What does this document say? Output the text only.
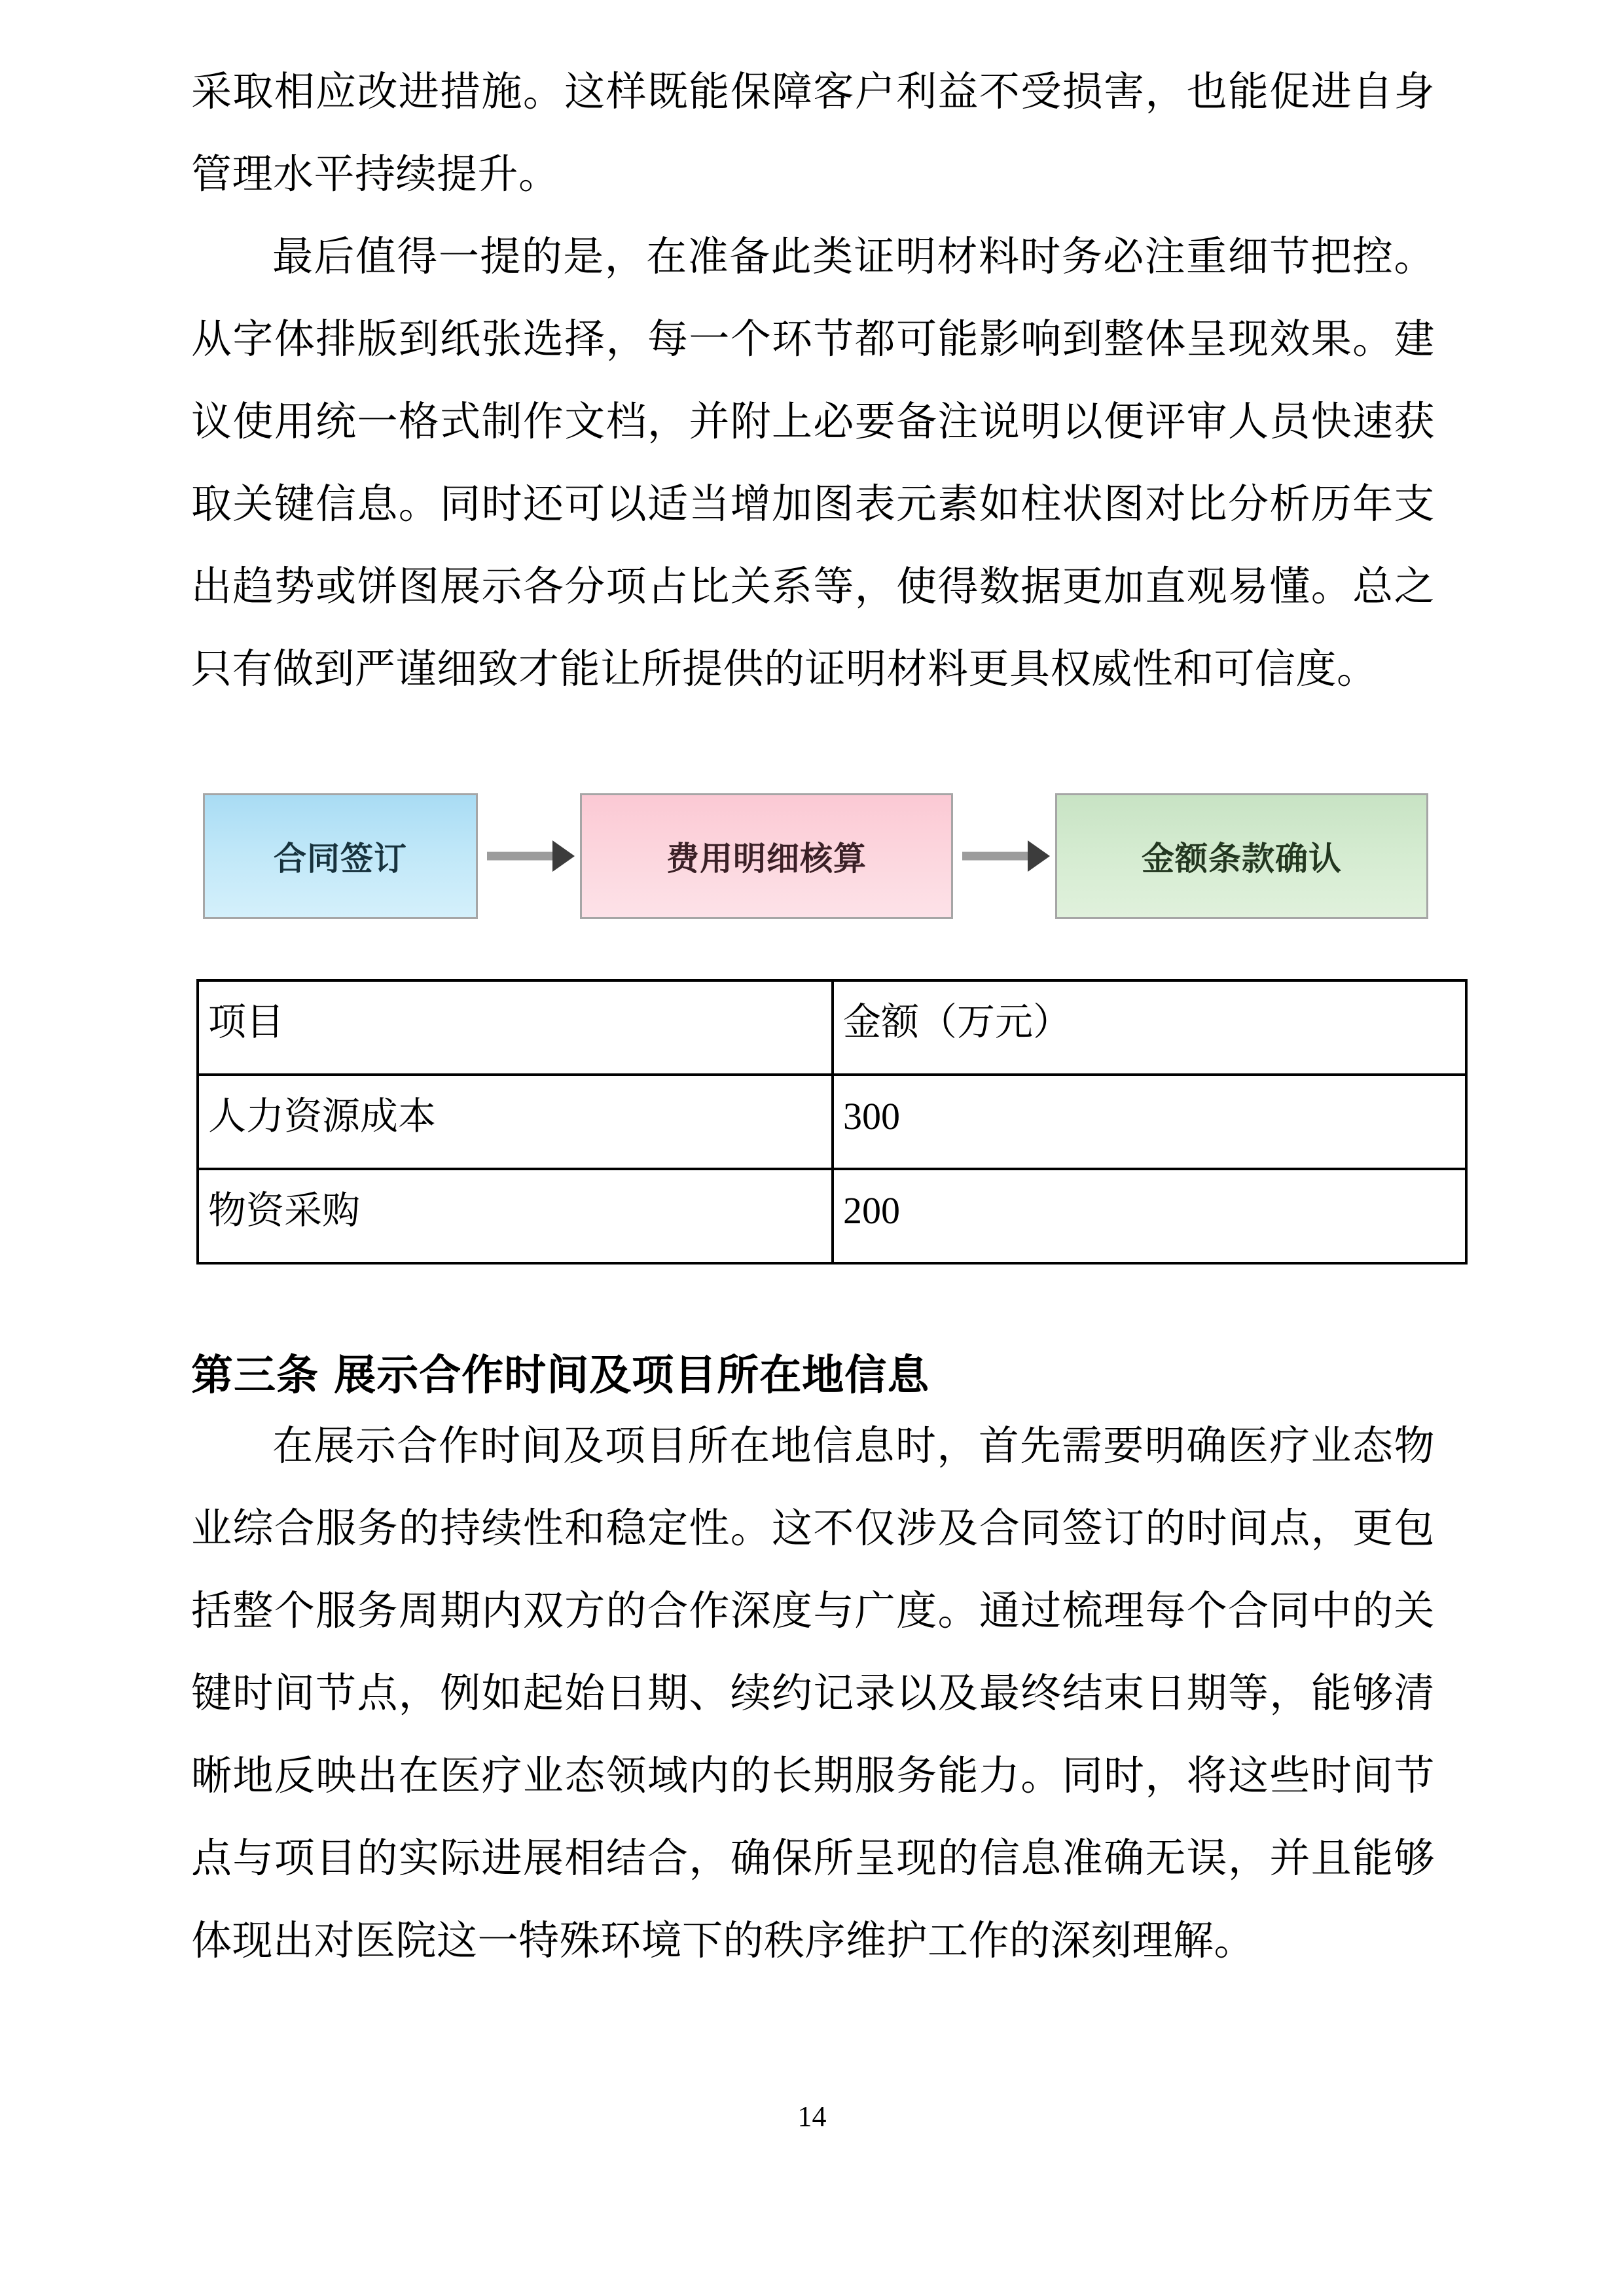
采取相应改进措施。这样既能保障客户利益不受损害，也能促进自身管理水平持续提升。

最后值得一提的是，在准备此类证明材料时务必注重细节把控。从字体排版到纸张选择，每一个环节都可能影响到整体呈现效果。建议使用统一格式制作文档，并附上必要备注说明以便评审人员快速获取关键信息。同时还可以适当增加图表元素如柱状图对比分析历年支出趋势或饼图展示各分项占比关系等，使得数据更加直观易懂。总之只有做到严谨细致才能让所提供的证明材料更具权威性和可信度。

合同签订	费用明细核算	金额条款确认
项目	金额（万元）
人力资源成本	300
物资采购	200
第三条 展示合作时间及项目所在地信息

在展示合作时间及项目所在地信息时，首先需要明确医疗业态物业综合服务的持续性和稳定性。这不仅涉及合同签订的时间点，更包括整个服务周期内双方的合作深度与广度。通过梳理每个合同中的关键时间节点，例如起始日期、续约记录以及最终结束日期等，能够清晰地反映出在医疗业态领域内的长期服务能力。同时，将这些时间节点与项目的实际进展相结合，确保所呈现的信息准确无误，并且能够体现出对医院这一特殊环境下的秩序维护工作的深刻理解。

14
